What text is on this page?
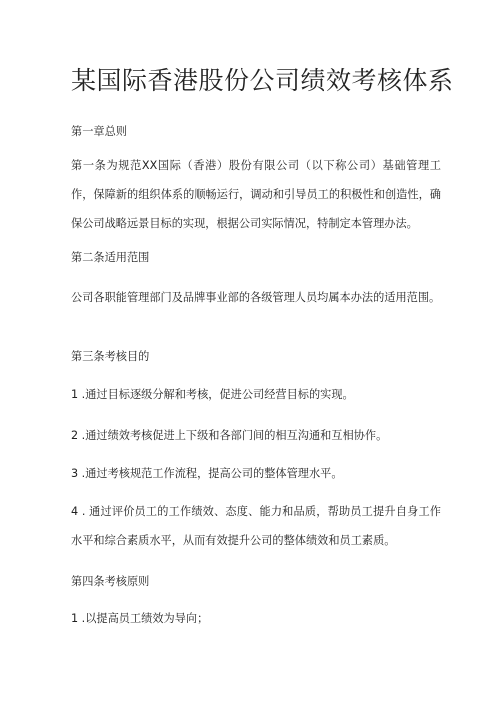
某国际香港股份公司绩效考核体系
第一章总则
第一条为规范XX国际（香港）股份有限公司（以下称公司）基础管理工作，保障新的组织体系的顺畅运行，调动和引导员工的积极性和创造性，确保公司战略远景目标的实现，根据公司实际情况，特制定本管理办法。
第二条适用范围
公司各职能管理部门及品牌事业部的各级管理人员均属本办法的适用范围。
第三条考核目的
1 .通过目标逐级分解和考核，促进公司经营目标的实现。
2 .通过绩效考核促进上下级和各部门间的相互沟通和互相协作。
3 .通过考核规范工作流程，提高公司的整体管理水平。
4 . 通过评价员工的工作绩效、态度、能力和品质，帮助员工提升自身工作水平和综合素质水平，从而有效提升公司的整体绩效和员工素质。
第四条考核原则
1 .以提高员工绩效为导向；
